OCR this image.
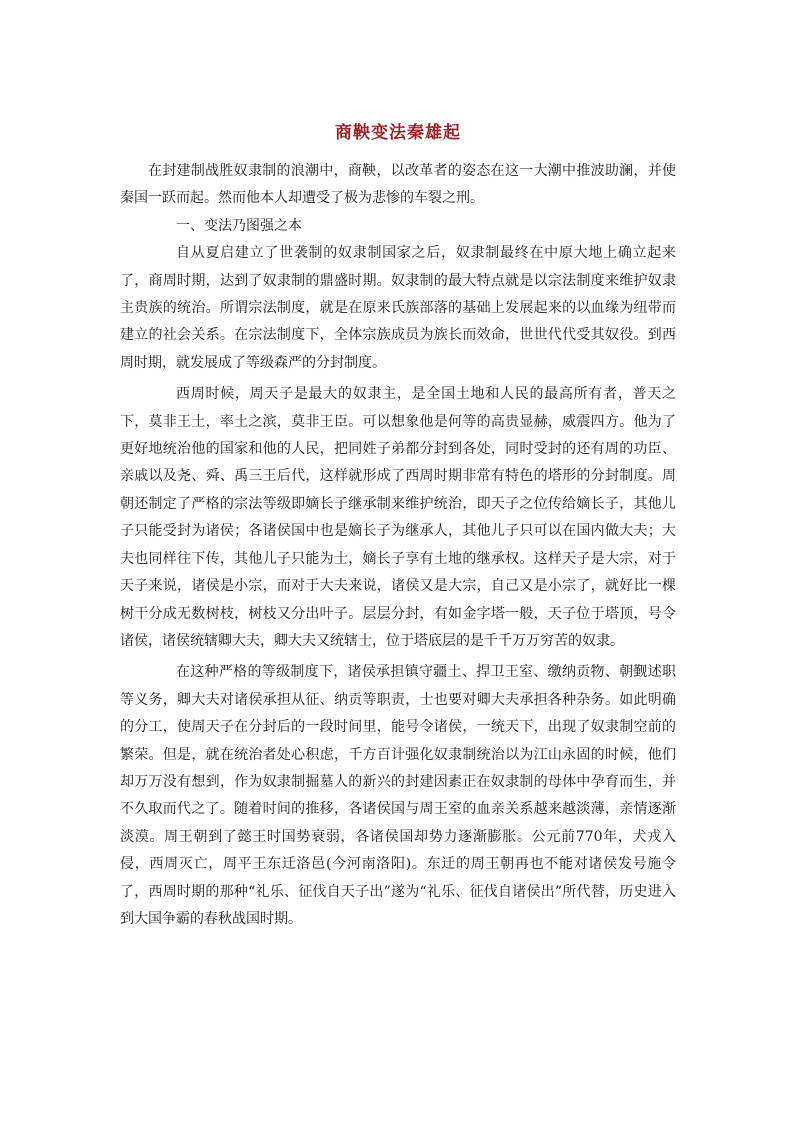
商鞅变法秦雄起

在封建制战胜奴隶制的浪潮中，商鞅，以改革者的姿态在这一大潮中推波助澜，并使秦国一跃而起。然而他本人却遭受了极为悲惨的车裂之刑。

一、变法乃图强之本

自从夏启建立了世袭制的奴隶制国家之后，奴隶制最终在中原大地上确立起来了，商周时期，达到了奴隶制的鼎盛时期。奴隶制的最大特点就是以宗法制度来维护奴隶主贵族的统治。所谓宗法制度，就是在原来氏族部落的基础上发展起来的以血缘为纽带而建立的社会关系。在宗法制度下，全体宗族成员为族长而效命，世世代代受其奴役。到西周时期，就发展成了等级森严的分封制度。

西周时候，周天子是最大的奴隶主，是全国土地和人民的最高所有者，普天之下，莫非王土，率土之滨，莫非王臣。可以想象他是何等的高贵显赫，威震四方。他为了更好地统治他的国家和他的人民，把同姓子弟都分封到各处，同时受封的还有周的功臣、亲戚以及尧、舜、禹三王后代，这样就形成了西周时期非常有特色的塔形的分封制度。周朝还制定了严格的宗法等级即嫡长子继承制来维护统治，即天子之位传给嫡长子，其他儿子只能受封为诸侯；各诸侯国中也是嫡长子为继承人，其他儿子只可以在国内做大夫；大夫也同样往下传，其他儿子只能为士，嫡长子享有土地的继承权。这样天子是大宗，对于天子来说，诸侯是小宗，而对于大夫来说，诸侯又是大宗，自己又是小宗了，就好比一棵树干分成无数树枝，树枝又分出叶子。层层分封，有如金字塔一般，天子位于塔顶，号令诸侯，诸侯统辖卿大夫，卿大夫又统辖士，位于塔底层的是千千万万穷苦的奴隶。

在这种严格的等级制度下，诸侯承担镇守疆土、捍卫王室、缴纳贡物、朝觐述职等义务，卿大夫对诸侯承担从征、纳贡等职责，士也要对卿大夫承担各种杂务。如此明确的分工，使周天子在分封后的一段时间里，能号令诸侯，一统天下，出现了奴隶制空前的繁荣。但是，就在统治者处心积虑，千方百计强化奴隶制统治以为江山永固的时候，他们却万万没有想到，作为奴隶制掘墓人的新兴的封建因素正在奴隶制的母体中孕育而生，并不久取而代之了。随着时间的推移，各诸侯国与周王室的血亲关系越来越淡薄，亲情逐渐淡漠。周王朝到了懿王时国势衰弱，各诸侯国却势力逐渐膨胀。公元前770年，犬戎入侵，西周灭亡，周平王东迁洛邑(今河南洛阳)。东迁的周王朝再也不能对诸侯发号施令了，西周时期的那种“礼乐、征伐自天子出”遂为“礼乐、征伐自诸侯出”所代替，历史进入到大国争霸的春秋战国时期。
